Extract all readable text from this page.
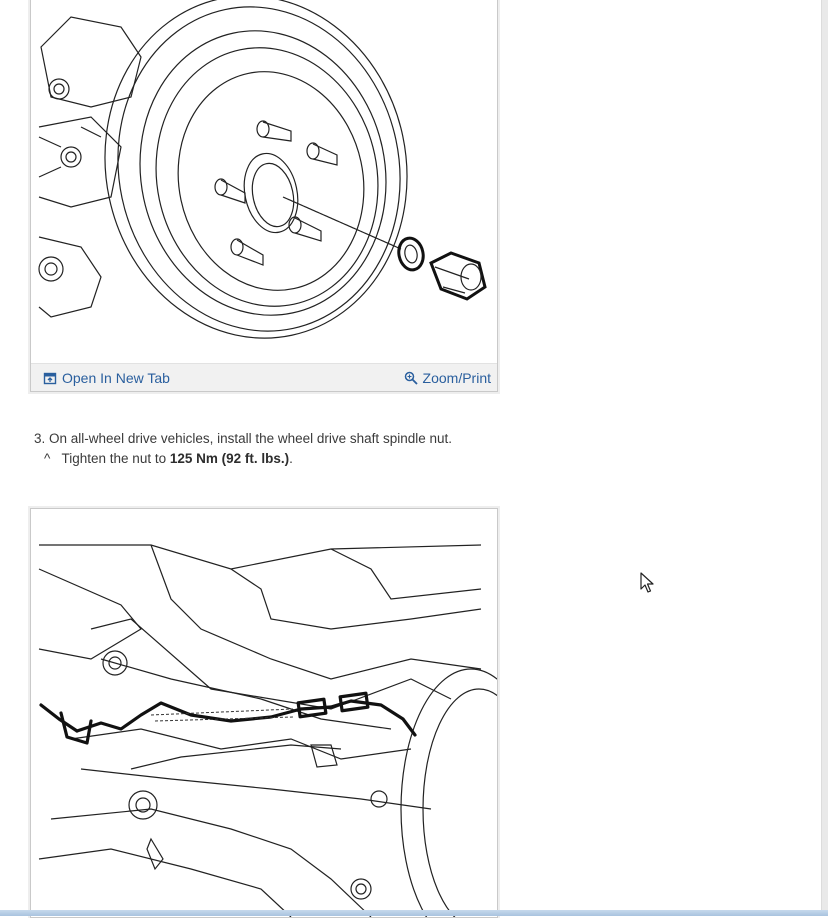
Open In New Tab	Zoom/Print
3. On all-wheel drive vehicles, install the wheel drive shaft spindle nut.
^ Tighten the nut to 125 Nm (92 ft. lbs.).
